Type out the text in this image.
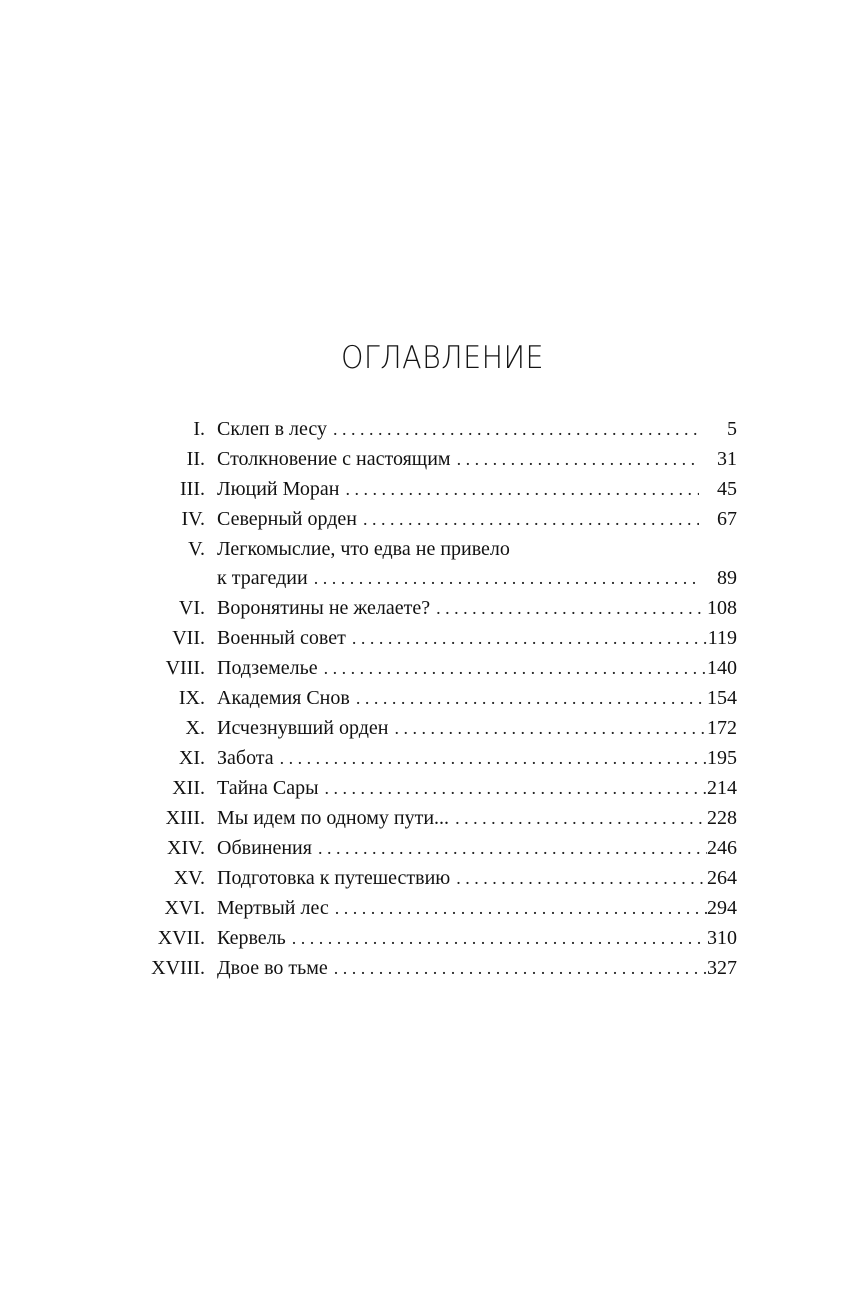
ОГЛАВЛЕНИЕ
I. Склеп в лесу . . .	5
II. Столкновение с настоящим . . .	31
III. Люций Моран . . .	45
IV. Северный орден . . .	67
V. Легкомыслие, что едва не привело
к трагедии . . .	89
VI. Воронятины не желаете? . . .	108
VII. Военный совет . . .	119
VIII. Подземелье . . .	140
IX. Академия Снов . . .	154
X. Исчезнувший орден . . .	172
XI. Забота . . .	195
XII. Тайна Сары . . .	214
XIII. Мы идем по одному пути... . . .	228
XIV. Обвинения . . .	246
XV. Подготовка к путешествию . . .	264
XVI. Мертвый лес . . .	294
XVII. Кервель . . .	310
XVIII. Двое во тьме . . .	327
